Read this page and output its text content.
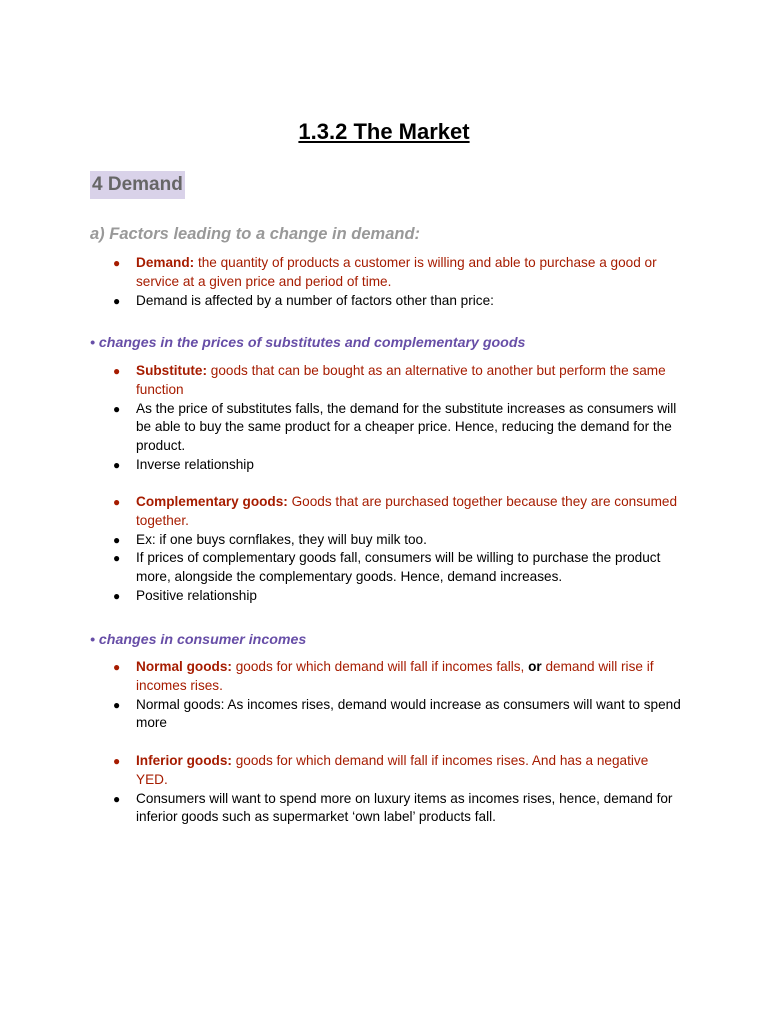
1.3.2 The Market
4 Demand
a) Factors leading to a change in demand:
● Demand: the quantity of products a customer is willing and able to purchase a good or service at a given price and period of time.
● Demand is affected by a number of factors other than price:
• changes in the prices of substitutes and complementary goods
● Substitute: goods that can be bought as an alternative to another but perform the same function
● As the price of substitutes falls, the demand for the substitute increases as consumers will be able to buy the same product for a cheaper price. Hence, reducing the demand for the product.
● Inverse relationship
● Complementary goods: Goods that are purchased together because they are consumed together.
● Ex: if one buys cornflakes, they will buy milk too.
● If prices of complementary goods fall, consumers will be willing to purchase the product more, alongside the complementary goods. Hence, demand increases.
● Positive relationship
• changes in consumer incomes
● Normal goods: goods for which demand will fall if incomes falls, or demand will rise if incomes rises.
● Normal goods: As incomes rises, demand would increase as consumers will want to spend more
● Inferior goods: goods for which demand will fall if incomes rises. And has a negative YED.
● Consumers will want to spend more on luxury items as incomes rises, hence, demand for inferior goods such as supermarket ‘own label’ products fall.
